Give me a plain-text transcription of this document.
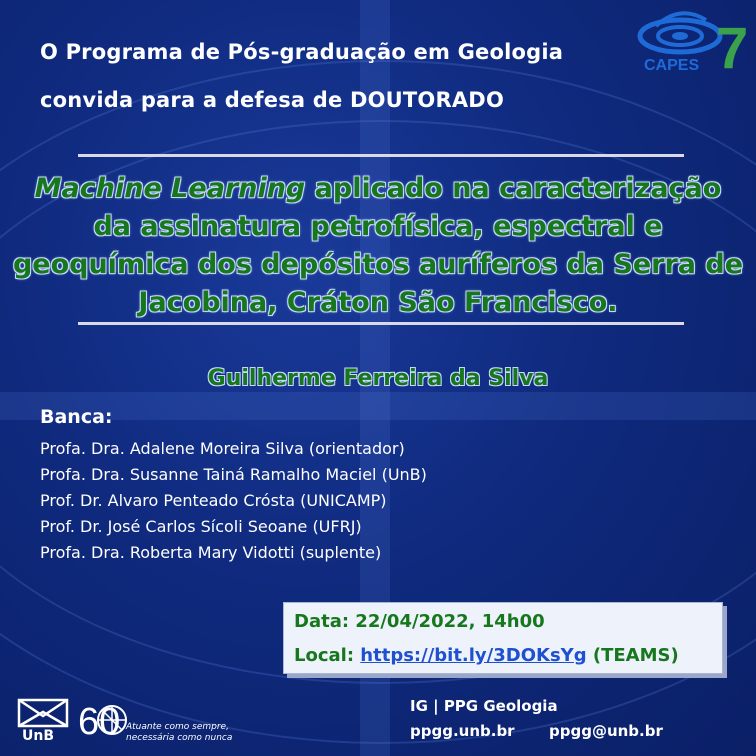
O Programa de Pós-graduação em Geologia
convida para a defesa de DOUTORADO
CAPES 7
Machine Learning aplicado na caracterização da assinatura petrofísica, espectral e geoquímica dos depósitos auríferos da Serra de Jacobina, Cráton São Francisco.
Guilherme Ferreira da Silva
Banca:
Profa. Dra. Adalene Moreira Silva (orientador)
Profa. Dra. Susanne Tainá Ramalho Maciel (UnB)
Prof. Dr. Alvaro Penteado Crósta (UNICAMP)
Prof. Dr. José Carlos Sícoli Seoane (UFRJ)
Profa. Dra. Roberta Mary Vidotti (suplente)
Data: 22/04/2022, 14h00
Local: https://bit.ly/3DOKsYg (TEAMS)
UnB 60 Atuante como sempre,
necessária como nunca
IG | PPG Geologia
ppgg.unb.br ppgg@unb.br
